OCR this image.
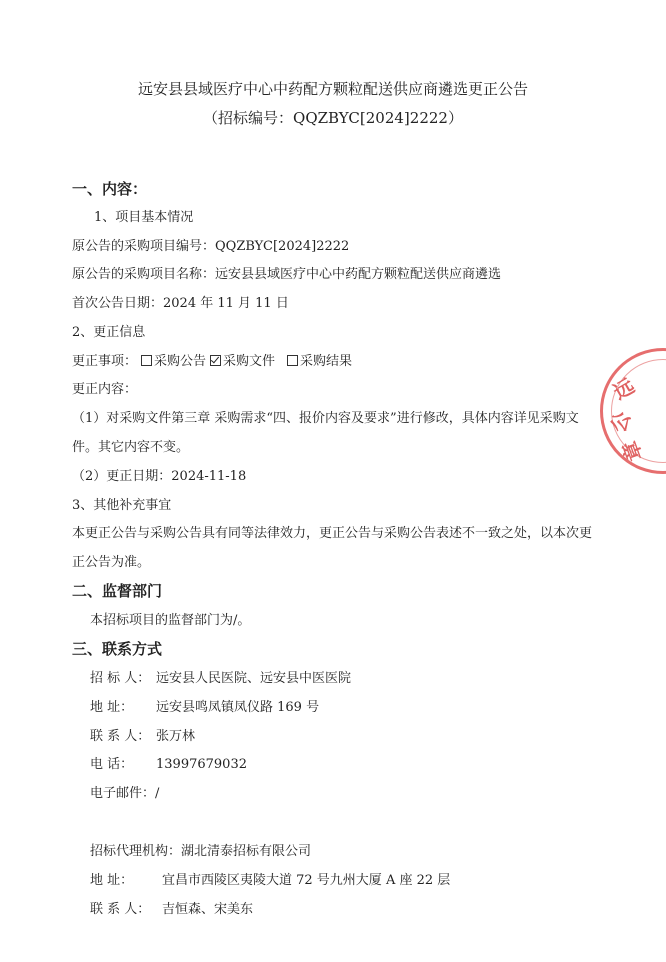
远安县县域医疗中心中药配方颗粒配送供应商遴选更正公告
（招标编号：QQZBYC[2024]2222）
一、内容：
1、项目基本情况
原公告的采购项目编号：QQZBYC[2024]2222
原公告的采购项目名称：远安县县域医疗中心中药配方颗粒配送供应商遴选
首次公告日期：2024 年 11 月 11 日
2、更正信息
更正事项： 采购公告 采购文件 采购结果
更正内容：
（1）对采购文件第三章 采购需求“四、报价内容及要求”进行修改，具体内容详见采购文
件。其它内容不变。
（2）更正日期：2024-11-18
3、其他补充事宜
本更正公告与采购公告具有同等法律效力，更正公告与采购公告表述不一致之处，以本次更
正公告为准。
二、监督部门
本招标项目的监督部门为/。
三、联系方式
招 标 人： 远安县人民医院、远安县中医医院
地 址： 远安县鸣凤镇凤仪路 169 号
联 系 人： 张万林
电 话： 13997679032
电子邮件：/
招标代理机构：湖北清泰招标有限公司
地 址： 宜昌市西陵区夷陵大道 72 号九州大厦 A 座 22 层
联 系 人： 吉恒森、宋美东
远
公
章
